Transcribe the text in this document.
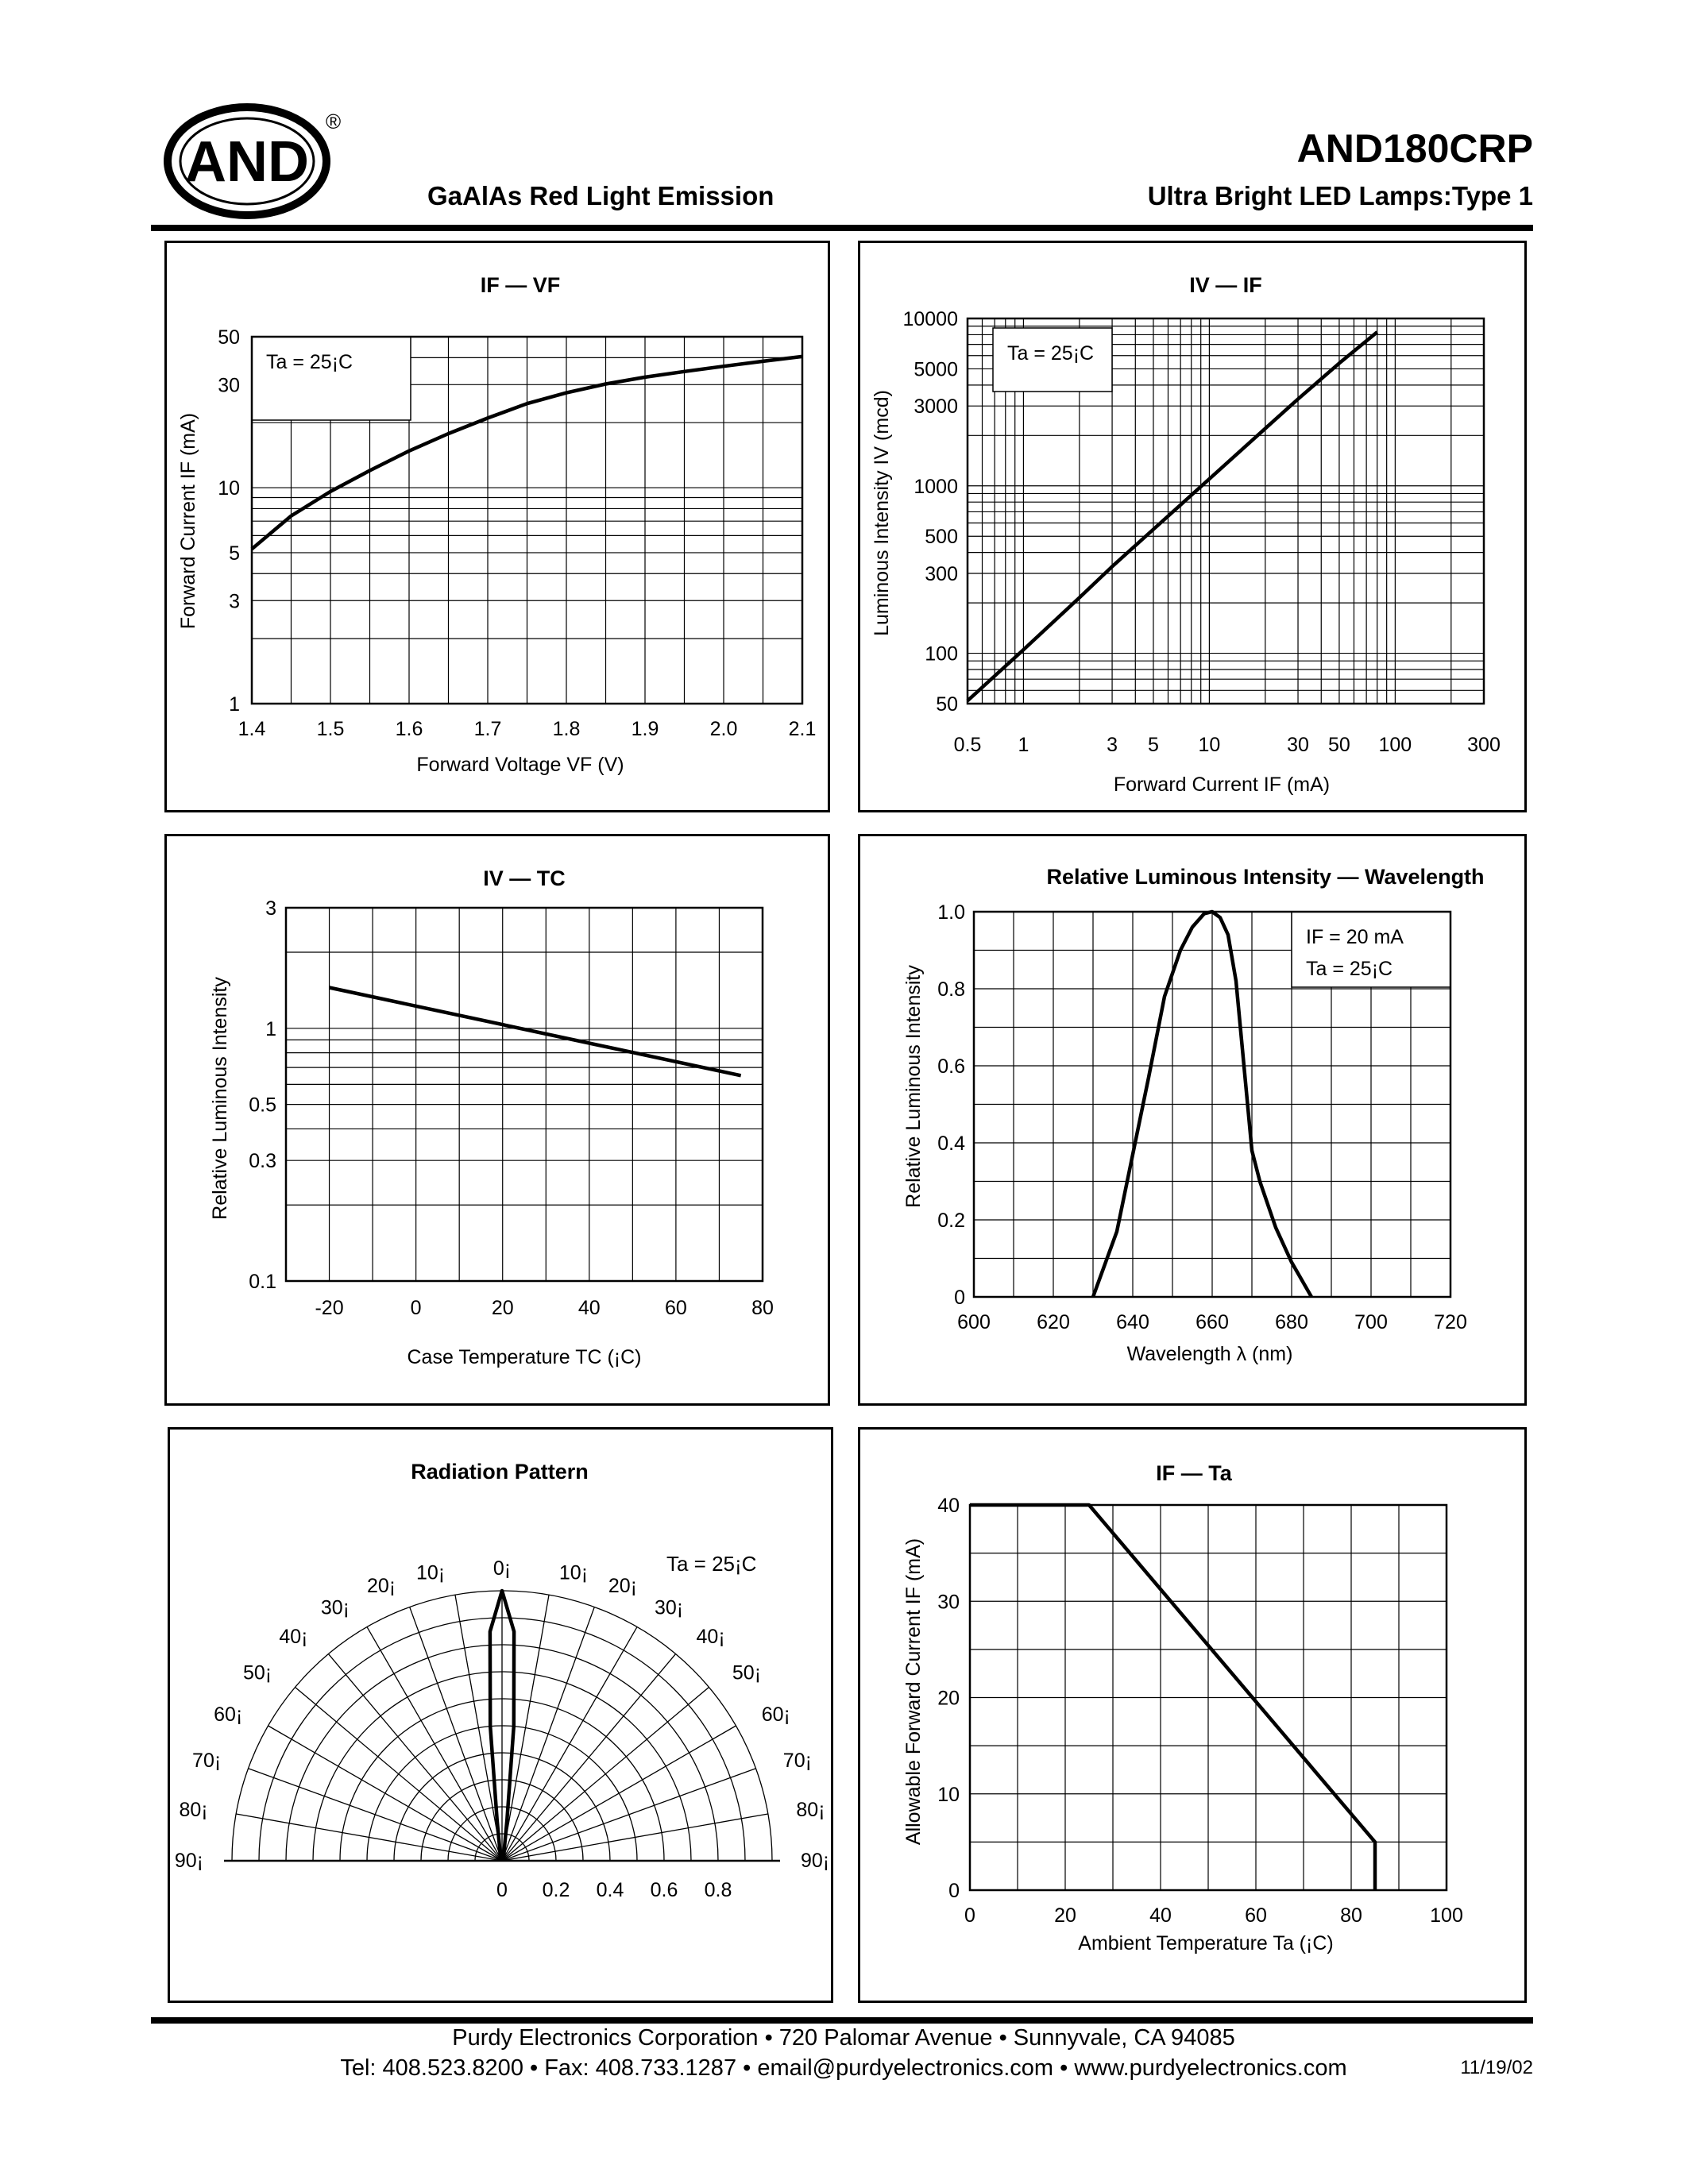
AND
®
AND180CRP
GaAlAs Red Light Emission	Ultra Bright LED Lamps:Type 1
Ta = 25¡C
IF — VF
1.4	1.5	1.6	1.7	1.8	1.9	2.0	2.1
1
3
5
10
30
50
Forward Voltage VF (V)
Forward Current IF (mA)
Ta = 25¡C
IV — IF
0.5 1	3 5 10	30 50 100	300
50
100
300
500
1000
3000
5000
10000
Forward Current IF (mA)
Luminous Intensity IV (mcd)
IV — TC
-20	0	20	40	60	80
0.1
0.3
0.5
1
3
Case Temperature TC (¡C)
Relative Luminous Intensity
IF = 20 mA
Ta = 25¡C
Relative Luminous Intensity — Wavelength
600 620 640 660 680 700 720
0
0.2
0.4
0.6
0.8
1.0
Wavelength λ (nm)
Relative Luminous Intensity
0¡
10¡
20¡
30¡
40¡
50¡
60¡
70¡
80¡
90¡
10¡
20¡
30¡
40¡
50¡
60¡
70¡
80¡
90¡
0 0.2 0.4 0.6 0.8
Ta = 25¡C
Radiation Pattern	IF — Ta
0	20	40	60	80	100
0
10
20
30
40
Ambient Temperature Ta (¡C)
Allowable Forward Current IF (mA)
Purdy Electronics Corporation • 720 Palomar Avenue • Sunnyvale, CA 94085
Tel: 408.523.8200 • Fax: 408.733.1287 • email@purdyelectronics.com • www.purdyelectronics.com	11/19/02
